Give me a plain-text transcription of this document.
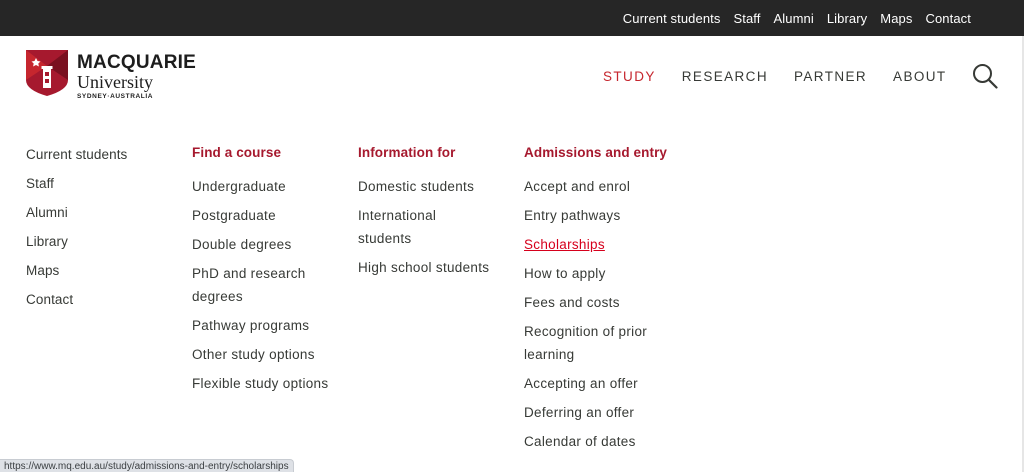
Current students Staff Alumni Library Maps Contact
MACQUARIE
University
SYDNEY·AUSTRALIA
STUDY RESEARCH PARTNER ABOUT
Current students
Staff
Alumni
Library
Maps
Contact
Find a course
Undergraduate
Postgraduate
Double degrees
PhD and research degrees
Pathway programs
Other study options
Flexible study options
Information for
Domestic students
International students
High school students
Admissions and entry
Accept and enrol
Entry pathways
Scholarships
How to apply
Fees and costs
Recognition of prior learning
Accepting an offer
Deferring an offer
Calendar of dates
https://www.mq.edu.au/study/admissions-and-entry/scholarships
